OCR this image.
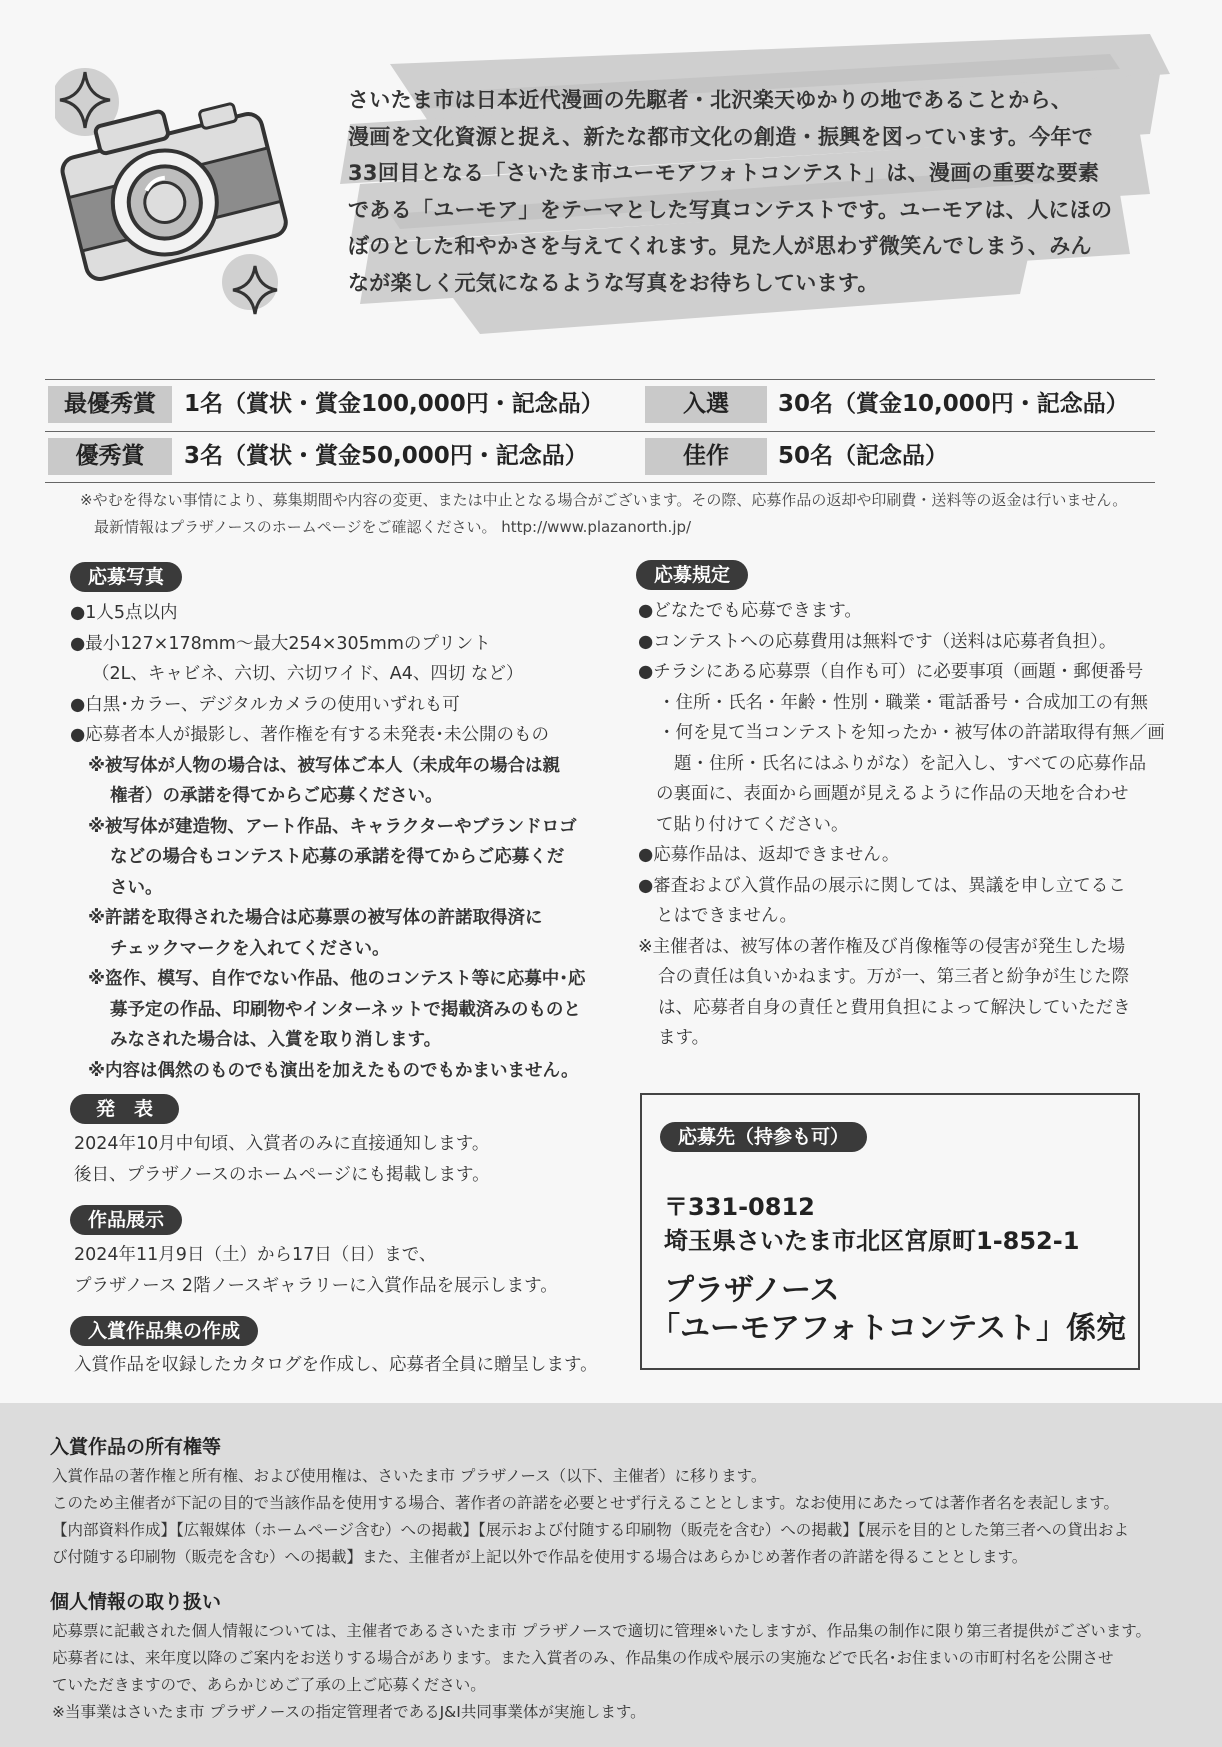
さいたま市は日本近代漫画の先駆者・北沢楽天ゆかりの地であることから、
漫画を文化資源と捉え、新たな都市文化の創造・振興を図っています。今年で
33回目となる「さいたま市ユーモアフォトコンテスト」は、漫画の重要な要素
である「ユーモア」をテーマとした写真コンテストです。ユーモアは、人にほの
ぼのとした和やかさを与えてくれます。見た人が思わず微笑んでしまう、みん
なが楽しく元気になるような写真をお待ちしています。
最優秀賞	1名（賞状・賞金100,000円・記念品）	入選	30名（賞金10,000円・記念品）
優秀賞	3名（賞状・賞金50,000円・記念品）	佳作	50名（記念品）
※やむを得ない事情により、募集期間や内容の変更、または中止となる場合がございます。その際、応募作品の返却や印刷費・送料等の返金は行いません。
最新情報はプラザノースのホームページをご確認ください。 http://www.plazanorth.jp/
応募写真
●1人5点以内
●最小127×178mm〜最大254×305mmのプリント
（2L、キャビネ、六切、六切ワイド、A4、四切 など）
●白黒･カラー、デジタルカメラの使用いずれも可
●応募者本人が撮影し、著作権を有する未発表･未公開のもの
※被写体が人物の場合は、被写体ご本人（未成年の場合は親
権者）の承諾を得てからご応募ください。
※被写体が建造物、アート作品、キャラクターやブランドロゴ
などの場合もコンテスト応募の承諾を得てからご応募くだ
さい。
※許諾を取得された場合は応募票の被写体の許諾取得済に
チェックマークを入れてください。
※盗作、模写、自作でない作品、他のコンテスト等に応募中･応
募予定の作品、印刷物やインターネットで掲載済みのものと
みなされた場合は、入賞を取り消します。
※内容は偶然のものでも演出を加えたものでもかまいません。
発　表
2024年10月中旬頃、入賞者のみに直接通知します。
後日、プラザノースのホームページにも掲載します。
作品展示
2024年11月9日（土）から17日（日）まで、
プラザノース 2階ノースギャラリーに入賞作品を展示します。
入賞作品集の作成
入賞作品を収録したカタログを作成し、応募者全員に贈呈します。
応募規定
●どなたでも応募できます。
●コンテストへの応募費用は無料です（送料は応募者負担）。
●チラシにある応募票（自作も可）に必要事項（画題・郵便番号
・住所・氏名・年齢・性別・職業・電話番号・合成加工の有無
・何を見て当コンテストを知ったか・被写体の許諾取得有無／画
題・住所・氏名にはふりがな）を記入し、すべての応募作品
の裏面に、表面から画題が見えるように作品の天地を合わせ
て貼り付けてください。
●応募作品は、返却できません。
●審査および入賞作品の展示に関しては、異議を申し立てるこ
とはできません。
※主催者は、被写体の著作権及び肖像権等の侵害が発生した場
合の責任は負いかねます。万が一、第三者と紛争が生じた際
は、応募者自身の責任と費用負担によって解決していただき
ます。
応募先（持参も可）
〒331-0812
埼玉県さいたま市北区宮原町1-852-1
プラザノース
「ユーモアフォトコンテスト」係宛
入賞作品の所有権等
入賞作品の著作権と所有権、および使用権は、さいたま市 プラザノース（以下、主催者）に移ります。
このため主催者が下記の目的で当該作品を使用する場合、著作者の許諾を必要とせず行えることとします。なお使用にあたっては著作者名を表記します。
【内部資料作成】【広報媒体（ホームページ含む）への掲載】【展示および付随する印刷物（販売を含む）への掲載】【展示を目的とした第三者への貸出およ
び付随する印刷物（販売を含む）への掲載】また、主催者が上記以外で作品を使用する場合はあらかじめ著作者の許諾を得ることとします。
個人情報の取り扱い
応募票に記載された個人情報については、主催者であるさいたま市 プラザノースで適切に管理※いたしますが、作品集の制作に限り第三者提供がございます。
応募者には、来年度以降のご案内をお送りする場合があります。また入賞者のみ、作品集の作成や展示の実施などで氏名･お住まいの市町村名を公開させ
ていただきますので、あらかじめご了承の上ご応募ください。
※当事業はさいたま市 プラザノースの指定管理者であるJ&I共同事業体が実施します。
